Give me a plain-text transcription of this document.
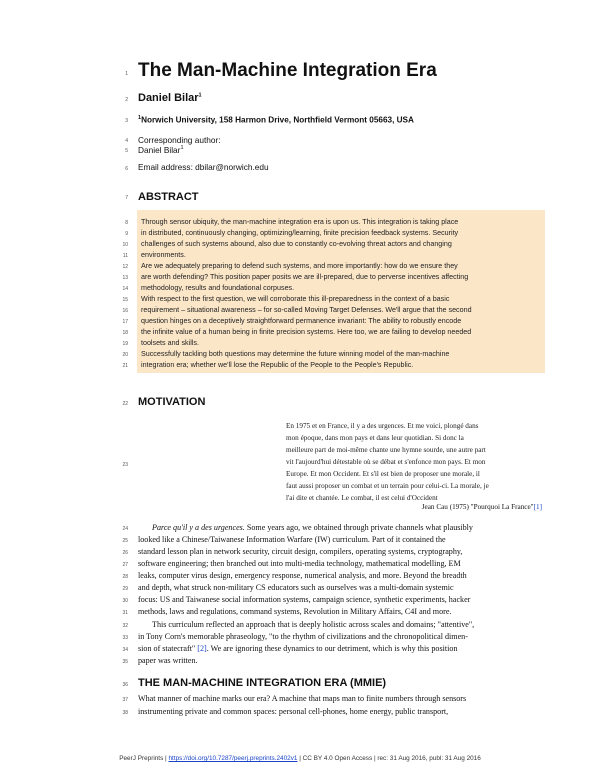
1
2
3
4
5
6
7
8
9
10
11
12
13
14
15
16
17
18
19
20
21
22
23
24
25
26
27
28
29
30
31
32
33
34
35
36
37
38
The Man-Machine Integration Era
Daniel Bilar$^1$
$^1$Norwich University, 158 Harmon Drive, Northfield Vermont 05663, USA
Corresponding author:
Daniel Bilar$^1$
Email address: dbilar@norwich.edu
ABSTRACT
Through sensor ubiquity, the man-machine integration era is upon us. This integration is taking place
in distributed, continuously changing, optimizing/learning, finite precision feedback systems. Security
challenges of such systems abound, also due to constantly co-evolving threat actors and changing
environments.
Are we adequately preparing to defend such systems, and more importantly: how do we ensure they
are worth defending? This position paper posits we are ill-prepared, due to perverse incentives affecting
methodology, results and foundational corpuses.
With respect to the first question, we will corroborate this ill-preparedness in the context of a basic
requirement – situational awareness – for so-called Moving Target Defenses. We'll argue that the second
question hinges on a deceptively straightforward permanence invariant: The ability to robustly encode
the infinite value of a human being in finite precision systems. Here too, we are failing to develop needed
toolsets and skills.
Successfully tackling both questions may determine the future winning model of the man-machine
integration era; whether we'll lose the Republic of the People to the People's Republic.
MOTIVATION
En 1975 et en France, il y a des urgences. Et me voici, plongé dans
mon époque, dans mon pays et dans leur quotidian. Si donc la
meilleure part de moi-même chante une hymne sourde, une autre part
vit l'aujourd'hui détestable où se débat et s'enfonce mon pays. Et mon
Europe. Et mon Occident. Et s'il est bien de proposer une morale, il
faut aussi proposer un combat et un terrain pour celui-ci. La morale, je
l'ai dite et chantée. Le combat, il est celui d'Occident
Jean Cau (1975) "Pourquoi La France"[1]
Parce qu'il y a des urgences. Some years ago, we obtained through private channels what plausibly
looked like a Chinese/Taiwanese Information Warfare (IW) curriculum. Part of it contained the
standard lesson plan in network security, circuit design, compilers, operating systems, cryptography,
software engineering; then branched out into multi-media technology, mathematical modelling, EM
leaks, computer virus design, emergency response, numerical analysis, and more. Beyond the breadth
and depth, what struck non-military CS educators such as ourselves was a multi-domain systemic
focus: US and Taiwanese social information systems, campaign science, synthetic experiments, hacker
methods, laws and regulations, command systems, Revolution in Military Affairs, C4I and more.
This curriculum reflected an approach that is deeply holistic across scales and domains; "attentive",
in Tony Corn's memorable phraseology, "to the rhythm of civilizations and the chronopolitical dimen-
sion of statecraft" [2]. We are ignoring these dynamics to our detriment, which is why this position
paper was written.
THE MAN-MACHINE INTEGRATION ERA (MMIE)
What manner of machine marks our era? A machine that maps man to finite numbers through sensors
instrumenting private and common spaces: personal cell-phones, home energy, public transport,
PeerJ Preprints | https://doi.org/10.7287/peerj.preprints.2402v1 | CC BY 4.0 Open Access | rec: 31 Aug 2016, publ: 31 Aug 2016
